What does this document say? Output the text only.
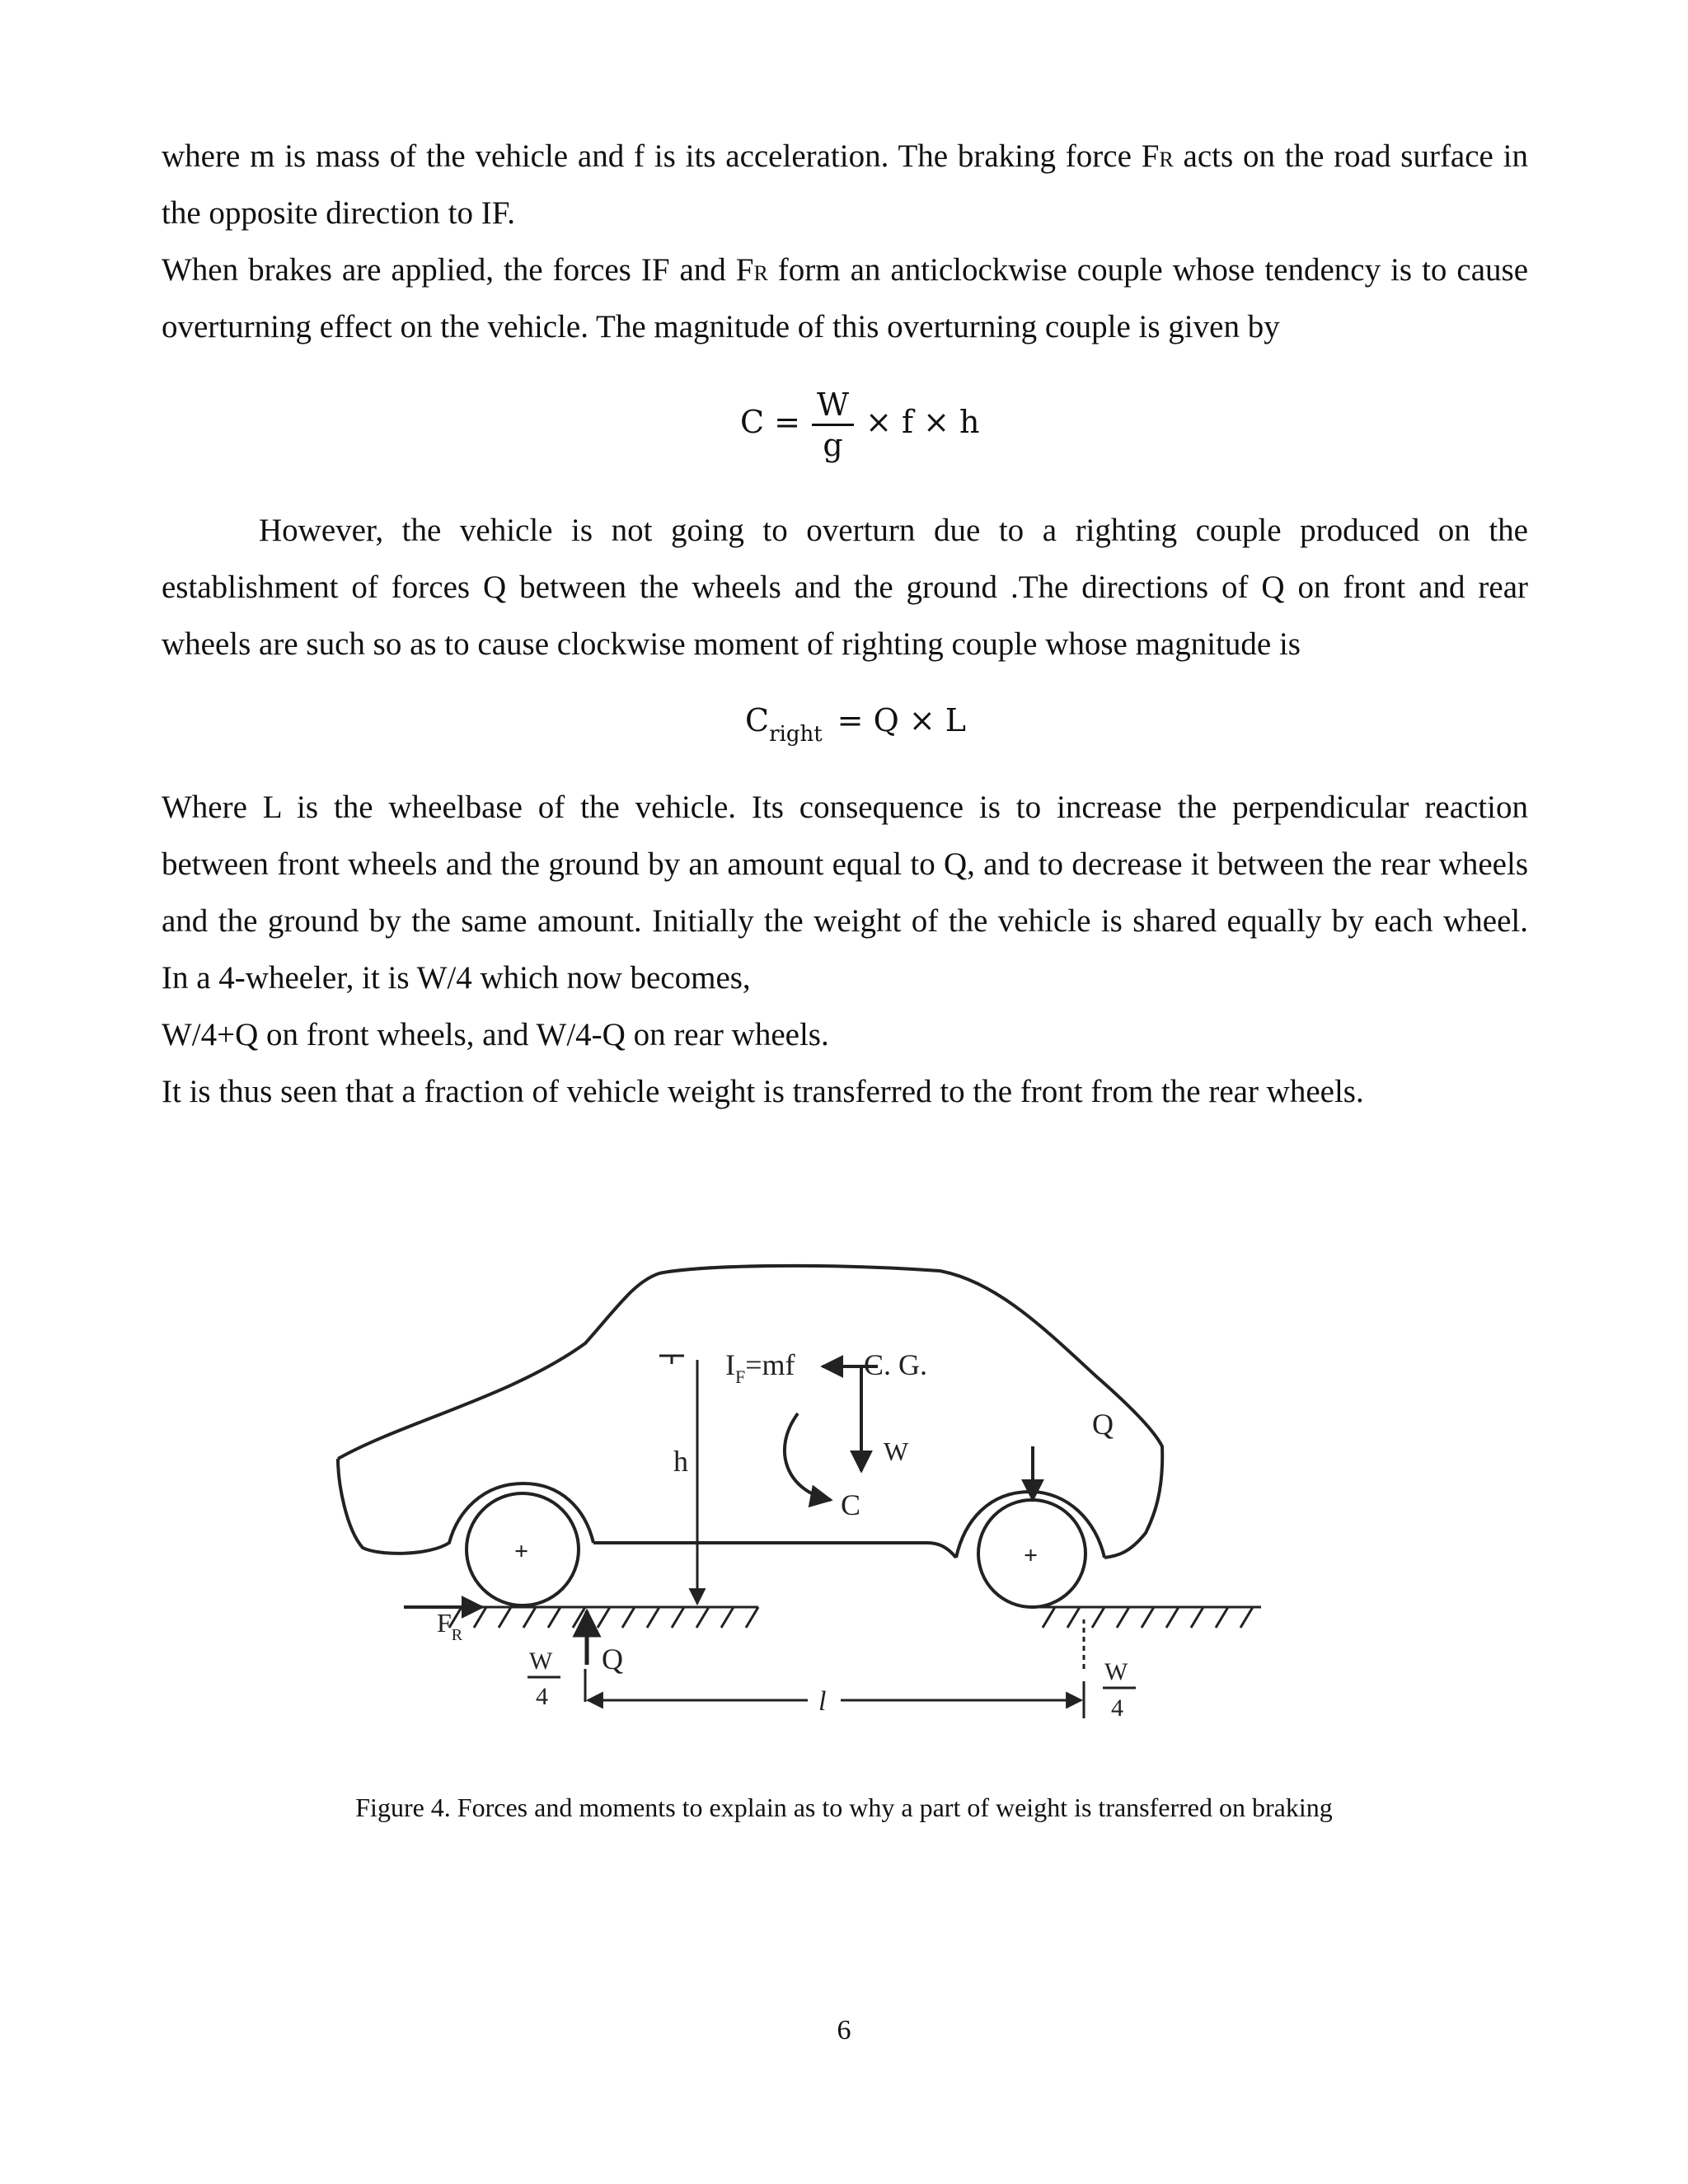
where m is mass of the vehicle and f is its acceleration. The braking force FR acts on the road surface in

the opposite direction to IF.

When brakes are applied, the forces IF and FR form an anticlockwise couple whose tendency is to cause

overturning effect on the vehicle. The magnitude of this overturning couple is given by

$C = \frac{W}{g} \times f \times h$

However, the vehicle is not going to overturn due to a righting couple produced on the

establishment of forces Q between the wheels and the ground .The directions of Q on front and rear

wheels are such so as to cause clockwise moment of righting couple whose magnitude is

$C_{right} = Q \times L$

Where L is the wheelbase of the vehicle. Its consequence is to increase the perpendicular reaction

between front wheels and the ground by an amount equal to Q, and to decrease it between the rear wheels

and the ground by the same amount. Initially the weight of the vehicle is shared equally by each wheel.

In a 4-wheeler, it is W/4 which now becomes,

W/4+Q on front wheels, and W/4-Q on rear wheels.

It is thus seen that a fraction of vehicle weight is transferred to the front from the rear wheels.

+	+
h
$I_F=mf$ C. G.
W
C
Q
$F_R$
Q
W
4
W
4
l
Figure 4. Forces and moments to explain as to why a part of weight is transferred on braking
6
